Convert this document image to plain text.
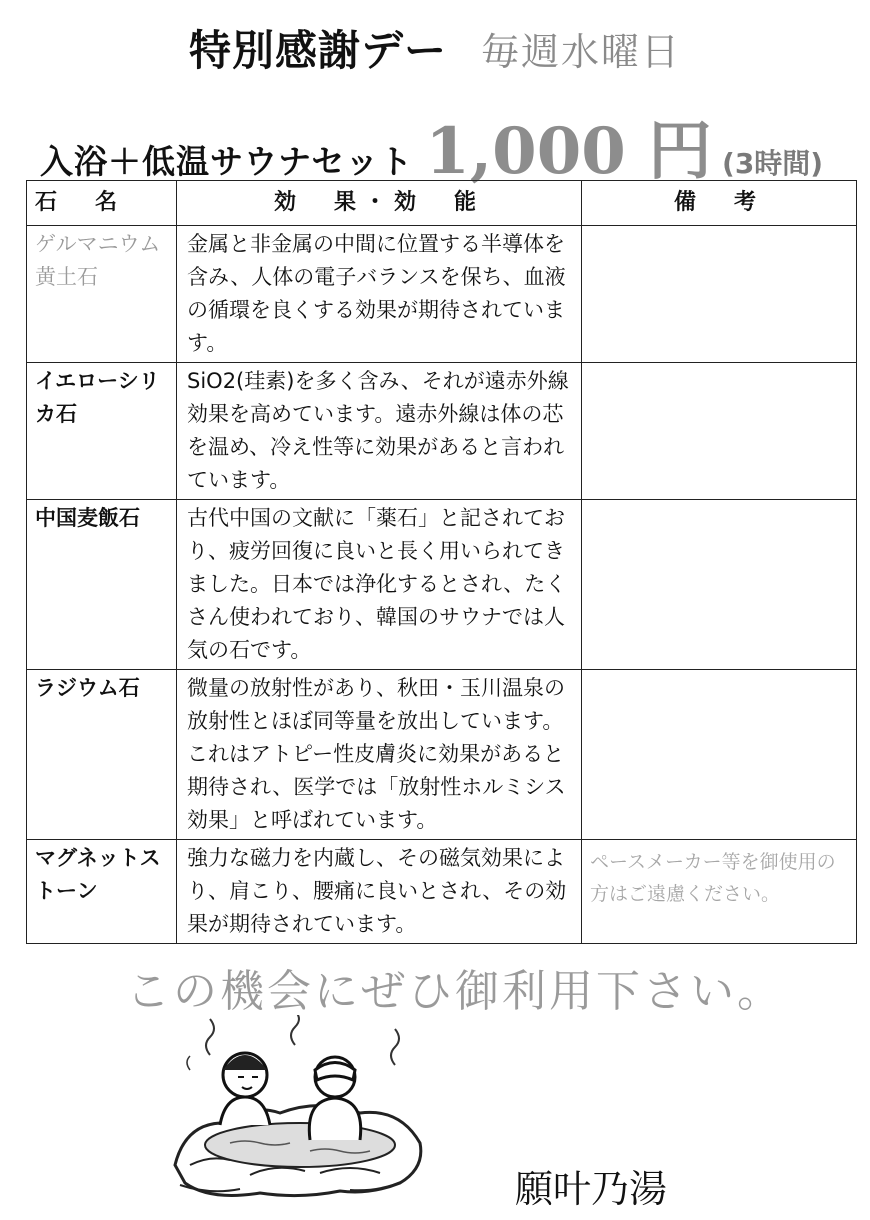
特別感謝デー 毎週水曜日
入浴＋低温サウナセット 1,000 円 (3時間)
石　名	効　果・効　能	備　考
ゲルマニウム
黄土石	金属と非金属の中間に位置する半導体を含み、人体の電子バランスを保ち、血液の循環を良くする効果が期待されています。	
イエローシリカ石	SiO2(珪素)を多く含み、それが遠赤外線効果を高めています。遠赤外線は体の芯を温め、冷え性等に効果があると言われています。	
中国麦飯石	古代中国の文献に「薬石」と記されており、疲労回復に良いと長く用いられてきました。日本では浄化するとされ、たくさん使われており、韓国のサウナでは人気の石です。	
ラジウム石	微量の放射性があり、秋田・玉川温泉の放射性とほぼ同等量を放出しています。これはアトピー性皮膚炎に効果があると期待され、医学では「放射性ホルミシス効果」と呼ばれています。	
マグネットストーン	強力な磁力を内蔵し、その磁気効果により、肩こり、腰痛に良いとされ、その効果が期待されています。	ペースメーカー等を御使用の方はご遠慮ください。
この機会にぜひ御利用下さい。
願叶乃湯
